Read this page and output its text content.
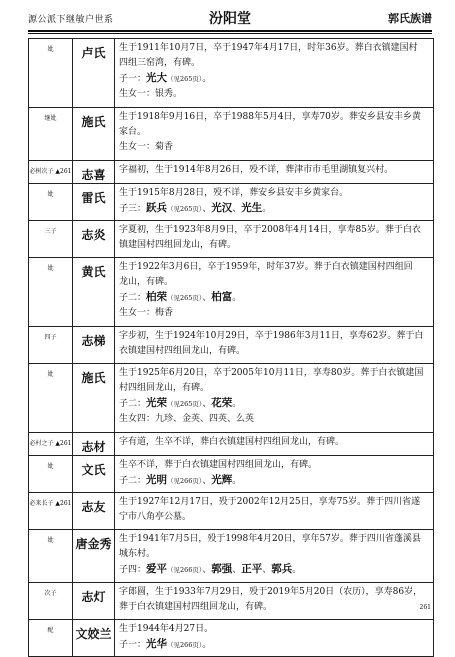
源公派下继敏户世系	汾阳堂	郭氏族谱
妣	卢氏	生于1911年10月7日，卒于1947年4月17日，时年36岁。葬白衣镇建国村
四组三窑湾，有碑。
子一：光大（见265页）。
生女一：银秀。
继妣	施氏	生于1918年9月16日，卒于1988年5月4日，享寿70岁。葬安乡县安丰乡黄
家台。
生女一：菊香
必树次子 ▲261 志喜	字福初，生于1914年8月26日，殁不详，葬津市市毛里湖镇复兴村。
妣	雷氏	生于1915年8月28日，殁不详，葬安乡县安丰乡黄家台。
子三：跃兵（见265页）、光汉、光生。
三子	志炎	字夏初，生于1923年8月9日，卒于2008年4月14日，享寿85岁。葬于白衣
镇建国村四组回龙山，有碑。
妣	黄氏	生于1922年3月6日，卒于1959年，时年37岁。葬于白衣镇建国村四组回
龙山，有碑。
子二：柏荣（见265页）、柏富。
生女一：梅香
四子	志梯	字步初，生于1924年10月29日，卒于1986年3月11日，享寿62岁。葬于白
衣镇建国村四组回龙山，有碑。
妣	施氏	生于1925年6月20日，卒于2005年10月11日，享寿80岁。葬于白衣镇建国
村四组回龙山，有碑。
子二：光荣（见265页）、花荣。
生女四：九珍、金英、四英、么英
必村之子 ▲261 志材	字有道，生卒不详，葬白衣镇建国村四组回龙山，有碑。
妣	文氏	生卒不详，葬于白衣镇建国村四组回龙山，有碑。
子二：光明（见266页）、光辉。
必来长子 ▲261 志友	生于1927年12月17日，殁于2002年12月25日，享寿75岁。葬于四川省遂
宁市八角亭公墓。
妣	唐金秀 生于1941年7月5日，殁于1998年4月20日，享年57岁。葬于四川省蓬溪县
城东村。
子四：爱平（见266页）、郭强、正平、郭兵。
次子	志灯	字郎圆，生于1933年7月29日，殁于2019年5月20日（农历），享寿86岁，
葬于白衣镇建国村四组回龙山，有碑。
配	文姣兰 生于1944年4月27日。
子一：光华（见266页）。
261
